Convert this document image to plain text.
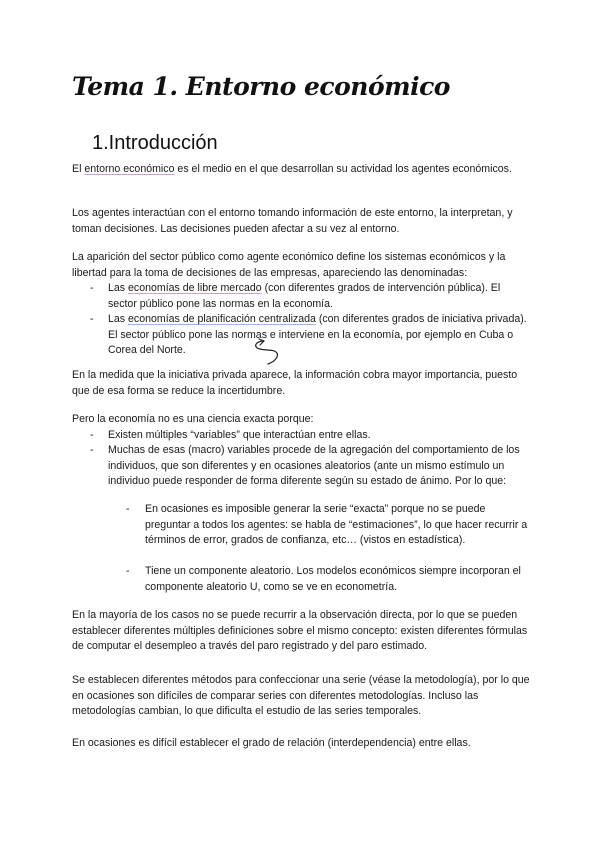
Tema 1. Entorno económico
1.Introducción
El entorno económico es el medio en el que desarrollan su actividad los agentes económicos.
Los agentes interactúan con el entorno tomando información de este entorno, la interpretan, y toman decisiones. Las decisiones pueden afectar a su vez al entorno.
La aparición del sector público como agente económico define los sistemas económicos y la libertad para la toma de decisiones de las empresas, apareciendo las denominadas:
- Las economías de libre mercado (con diferentes grados de intervención pública). El sector público pone las normas en la economía.
- Las economías de planificación centralizada (con diferentes grados de iniciativa privada). El sector público pone las normas e interviene en la economía, por ejemplo en Cuba o Corea del Norte.
En la medida que la iniciativa privada aparece, la información cobra mayor importancia, puesto que de esa forma se reduce la incertidumbre.
Pero la economía no es una ciencia exacta porque:
- Existen múltiples “variables” que interactúan entre ellas.
- Muchas de esas (macro) variables procede de la agregación del comportamiento de los individuos, que son diferentes y en ocasiones aleatorios (ante un mismo estímulo un individuo puede responder de forma diferente según su estado de ánimo. Por lo que:
- En ocasiones es imposible generar la serie “exacta” porque no se puede preguntar a todos los agentes: se habla de “estimaciones”, lo que hacer recurrir a términos de error, grados de confianza, etc… (vistos en estadística).
- Tiene un componente aleatorio. Los modelos económicos siempre incorporan el componente aleatorio U, como se ve en econometría.
En la mayoría de los casos no se puede recurrir a la observación directa, por lo que se pueden establecer diferentes múltiples definiciones sobre el mismo concepto: existen diferentes fórmulas de computar el desempleo a través del paro registrado y del paro estimado.
Se establecen diferentes métodos para confeccionar una serie (véase la metodología), por lo que en ocasiones son difíciles de comparar series con diferentes metodologías. Incluso las metodologías cambian, lo que dificulta el estudio de las series temporales.
En ocasiones es difícil establecer el grado de relación (interdependencia) entre ellas.
